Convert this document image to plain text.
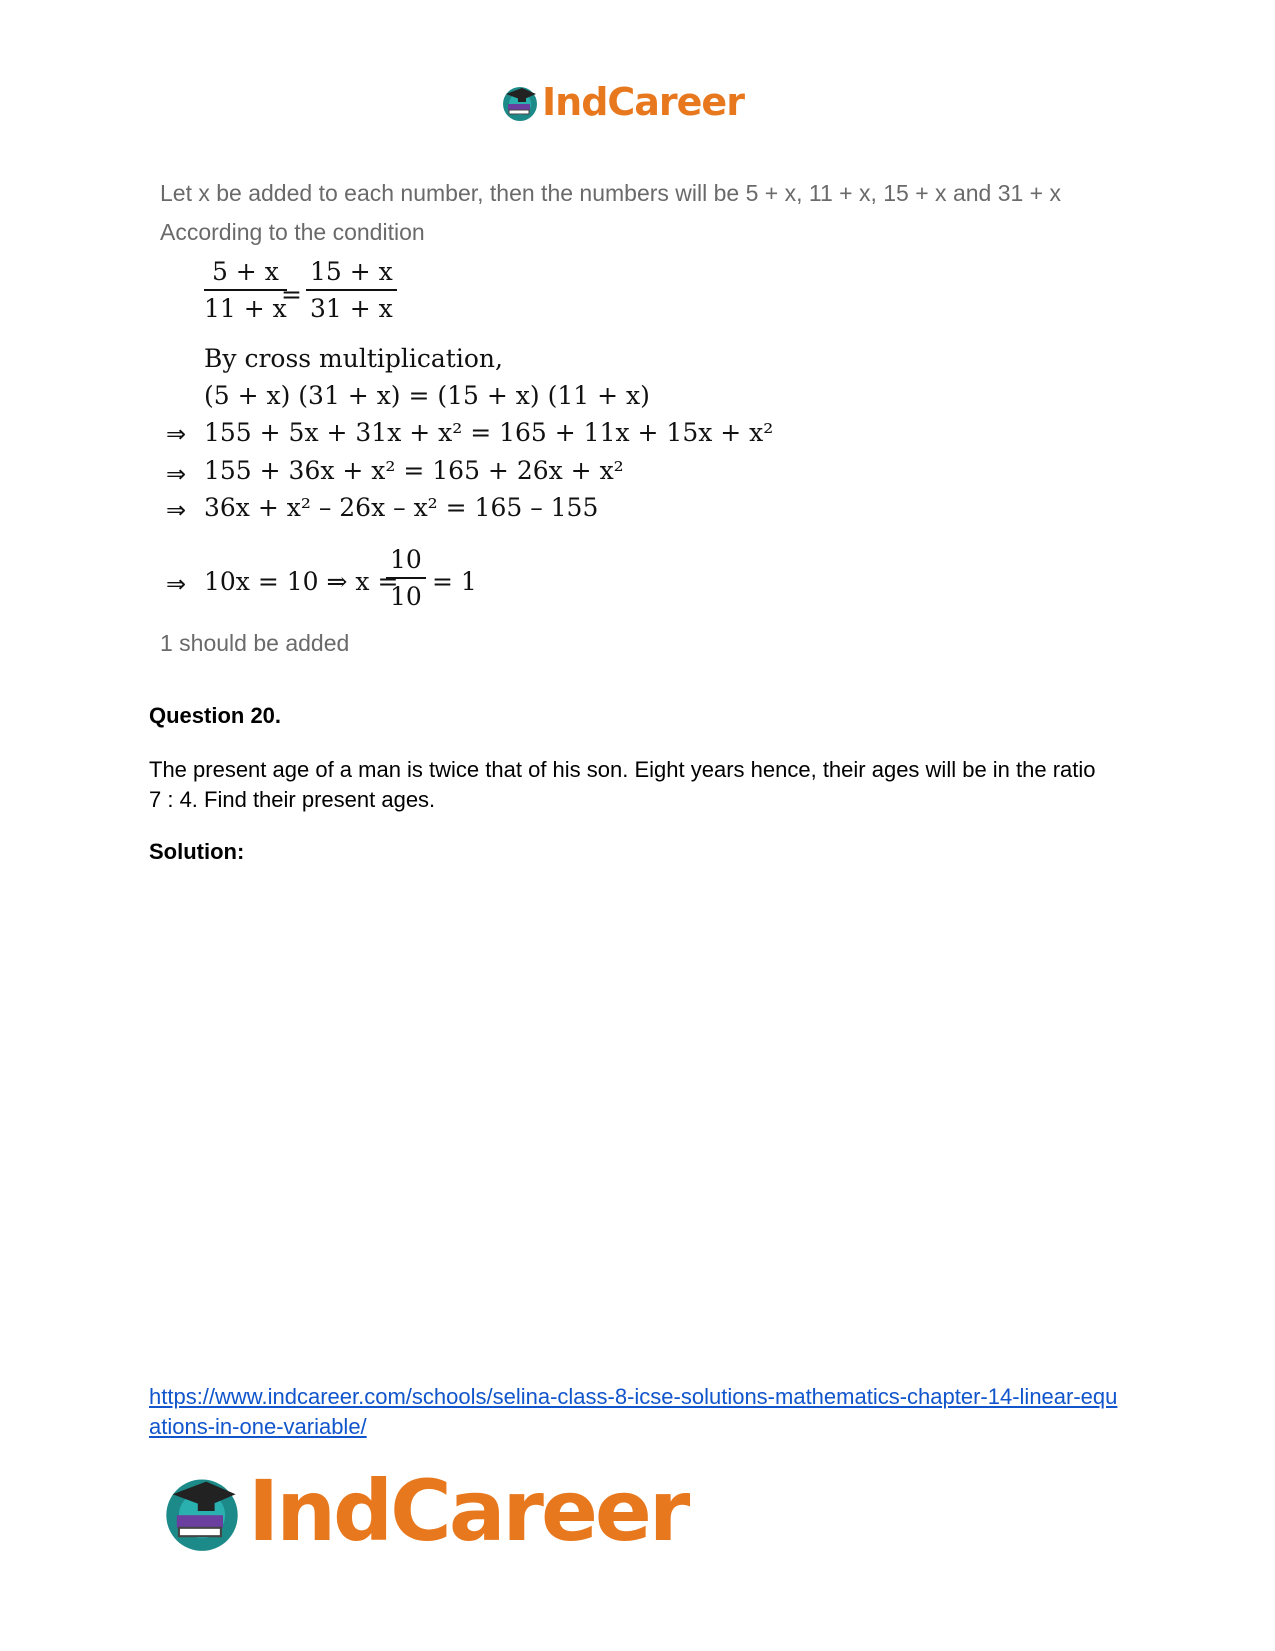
IndCareer
Let x be added to each number, then the numbers will be 5 + x, 11 + x, 15 + x and 31 + x
According to the condition
$\frac{5 + x}{11 + x}$
= $\frac{15 + x}{31 + x}$
By cross multiplication,
(5 + x) (31 + x) = (15 + x) (11 + x)
⇒ 155 + 5x + 31x + x² = 165 + 11x + 15x + x²
⇒ 155 + 36x + x² = 165 + 26x + x²
⇒ 36x + x² – 26x – x² = 165 – 155
⇒ 10x = 10 ⇒ x =
$\frac{10}{10} = 1$
1 should be added
Question 20.
The present age of a man is twice that of his son. Eight years hence, their ages will be in the ratio 7 : 4. Find their present ages.
Solution:
https://www.indcareer.com/schools/selina-class-8-icse-solutions-mathematics-chapter-14-linear-equations-in-one-variable/
IndCareer
